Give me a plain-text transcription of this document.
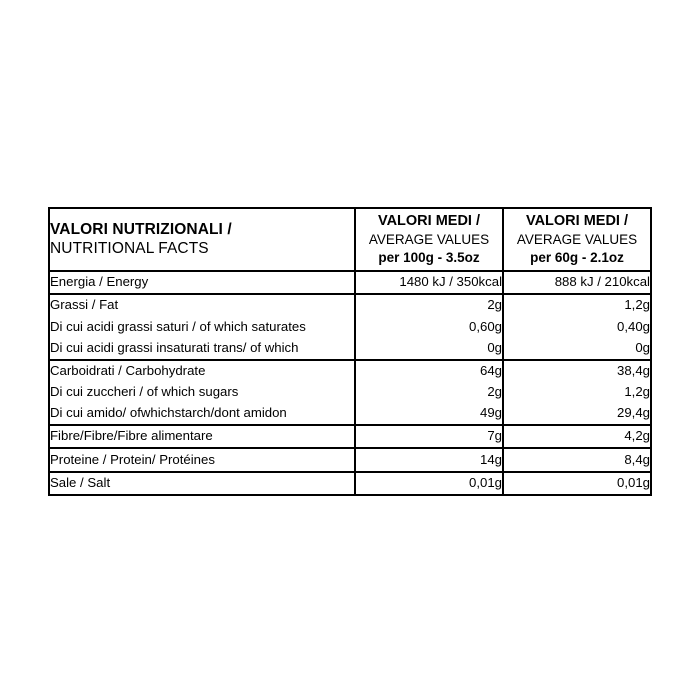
VALORI NUTRIZIONALI /
NUTRITIONAL FACTS

VALORI MEDI /
AVERAGE VALUES
per 100g - 3.5oz

VALORI MEDI /
AVERAGE VALUES
per 60g - 2.1oz

Energia / Energy	1480 kJ / 350kcal	888 kJ / 210kcal
Grassi / Fat	2g	1,2g
Di cui acidi grassi saturi / of which saturates	0,60g	0,40g
Di cui acidi grassi insaturati trans/ of which	0g	0g
Carboidrati / Carbohydrate	64g	38,4g
Di cui zuccheri / of which sugars	2g	1,2g
Di cui amido/ ofwhichstarch/dont amidon	49g	29,4g
Fibre/Fibre/Fibre alimentare	7g	4,2g
Proteine / Protein/ Protéines	14g	8,4g
Sale / Salt	0,01g	0,01g
